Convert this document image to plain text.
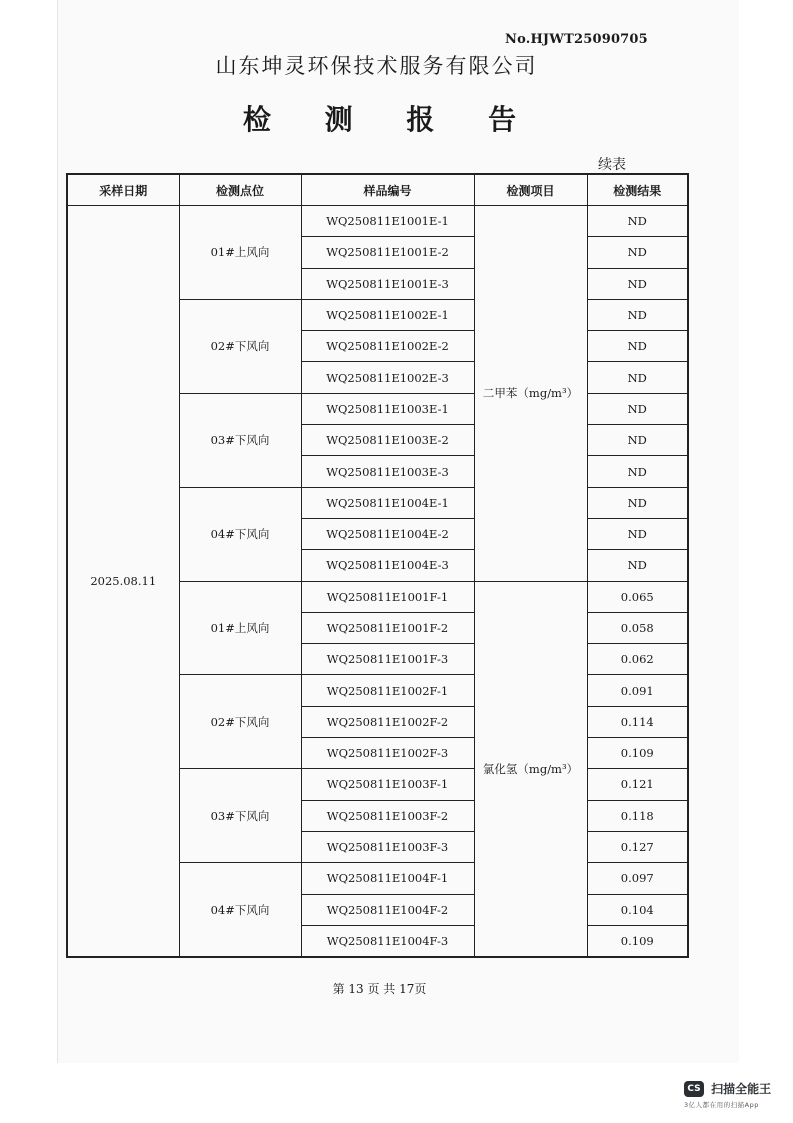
No.HJWT25090705
山东坤灵环保技术服务有限公司
检 测 报 告
续表
采样日期	检测点位	样品编号	检测项目	检测结果
2025.08.11	01#上风向	WQ250811E1001E-1	二甲苯（mg/m³）	ND
		WQ250811E1001E-2		ND
		WQ250811E1001E-3		ND
	02#下风向	WQ250811E1002E-1		ND
		WQ250811E1002E-2		ND
		WQ250811E1002E-3		ND
	03#下风向	WQ250811E1003E-1		ND
		WQ250811E1003E-2		ND
		WQ250811E1003E-3		ND
	04#下风向	WQ250811E1004E-1		ND
		WQ250811E1004E-2		ND
		WQ250811E1004E-3		ND
	01#上风向	WQ250811E1001F-1	氯化氢（mg/m³）	0.065
		WQ250811E1001F-2		0.058
		WQ250811E1001F-3		0.062
	02#下风向	WQ250811E1002F-1		0.091
		WQ250811E1002F-2		0.114
		WQ250811E1002F-3		0.109
	03#下风向	WQ250811E1003F-1		0.121
		WQ250811E1003F-2		0.118
		WQ250811E1003F-3		0.127
	04#下风向	WQ250811E1004F-1		0.097
		WQ250811E1004F-2		0.104
		WQ250811E1004F-3		0.109
第 13 页 共 17页
CS 扫描全能王
3亿人都在用的扫描App
